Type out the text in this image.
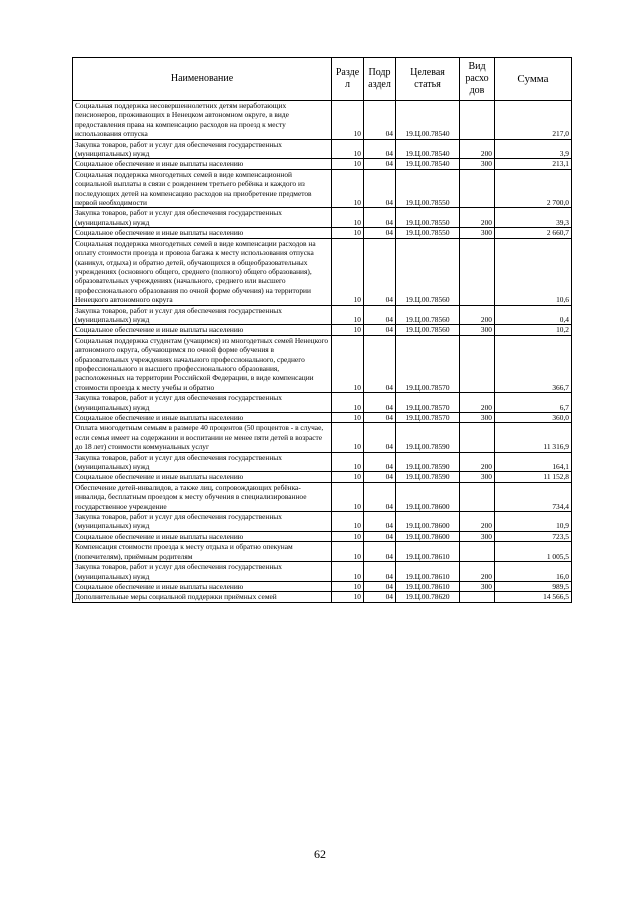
Наименование	Разде л	Подр аздел	Целевая статья	Вид расхо дов	Сумма
Социальная поддержка несовершеннолетних детям неработающих пенсионеров, проживающих в Ненецком автономном округе, в виде предоставления права на компенсацию расходов на проезд к месту использования отпуска	10	04	19.Ц.00.78540		217,0
Закупка товаров, работ и услуг для обеспечения государственных (муниципальных) нужд	10	04	19.Ц.00.78540	200	3,9
Социальное обеспечение и иные выплаты населению	10	04	19.Ц.00.78540	300	213,1
Социальная поддержка многодетных семей в виде компенсационной социальной выплаты в связи с рождением третьего ребёнка и каждого из последующих детей на компенсацию расходов на приобретение предметов первой необходимости	10	04	19.Ц.00.78550		2 700,0
Закупка товаров, работ и услуг для обеспечения государственных (муниципальных) нужд	10	04	19.Ц.00.78550	200	39,3
Социальное обеспечение и иные выплаты населению	10	04	19.Ц.00.78550	300	2 660,7
Социальная поддержка многодетных семей в виде компенсации расходов на оплату стоимости проезда и провоза багажа к месту использования отпуска (каникул, отдыха) и обратно детей, обучающихся в общеобразовательных учреждениях (основного общего, среднего (полного) общего образования), образовательных учреждениях (начального, среднего или высшего профессионального образования по очной форме обучения) на территории Ненецкого автономного округа	10	04	19.Ц.00.78560		10,6
Закупка товаров, работ и услуг для обеспечения государственных (муниципальных) нужд	10	04	19.Ц.00.78560	200	0,4
Социальное обеспечение и иные выплаты населению	10	04	19.Ц.00.78560	300	10,2
Социальная поддержка студентам (учащимся) из многодетных семей Ненецкого автономного округа, обучающимся по очной форме обучения в образовательных учреждениях начального профессионального, среднего профессионального и высшего профессионального образования, расположенных на территории Российской Федерации, в виде компенсации стоимости проезда к месту учебы и обратно	10	04	19.Ц.00.78570		366,7
Закупка товаров, работ и услуг для обеспечения государственных (муниципальных) нужд	10	04	19.Ц.00.78570	200	6,7
Социальное обеспечение и иные выплаты населению	10	04	19.Ц.00.78570	300	360,0
Оплата многодетным семьям в размере 40 процентов (50 процентов - в случае, если семья имеет на содержании и воспитании не менее пяти детей в возрасте до 18 лет) стоимости коммунальных услуг	10	04	19.Ц.00.78590		11 316,9
Закупка товаров, работ и услуг для обеспечения государственных (муниципальных) нужд	10	04	19.Ц.00.78590	200	164,1
Социальное обеспечение и иные выплаты населению	10	04	19.Ц.00.78590	300	11 152,8
Обеспечение детей-инвалидов, а также лиц, сопровождающих ребёнка-инвалида, бесплатным проездом к месту обучения в специализированное государственное учреждение	10	04	19.Ц.00.78600		734,4
Закупка товаров, работ и услуг для обеспечения государственных (муниципальных) нужд	10	04	19.Ц.00.78600	200	10,9
Социальное обеспечение и иные выплаты населению	10	04	19.Ц.00.78600	300	723,5
Компенсация стоимости проезда к месту отдыха и обратно опекунам (попечителям), приёмным родителям	10	04	19.Ц.00.78610		1 005,5
Закупка товаров, работ и услуг для обеспечения государственных (муниципальных) нужд	10	04	19.Ц.00.78610	200	16,0
Социальное обеспечение и иные выплаты населению	10	04	19.Ц.00.78610	300	989,5
Дополнительные меры социальной поддержки приёмных семей	10	04	19.Ц.00.78620		14 566,5
62
